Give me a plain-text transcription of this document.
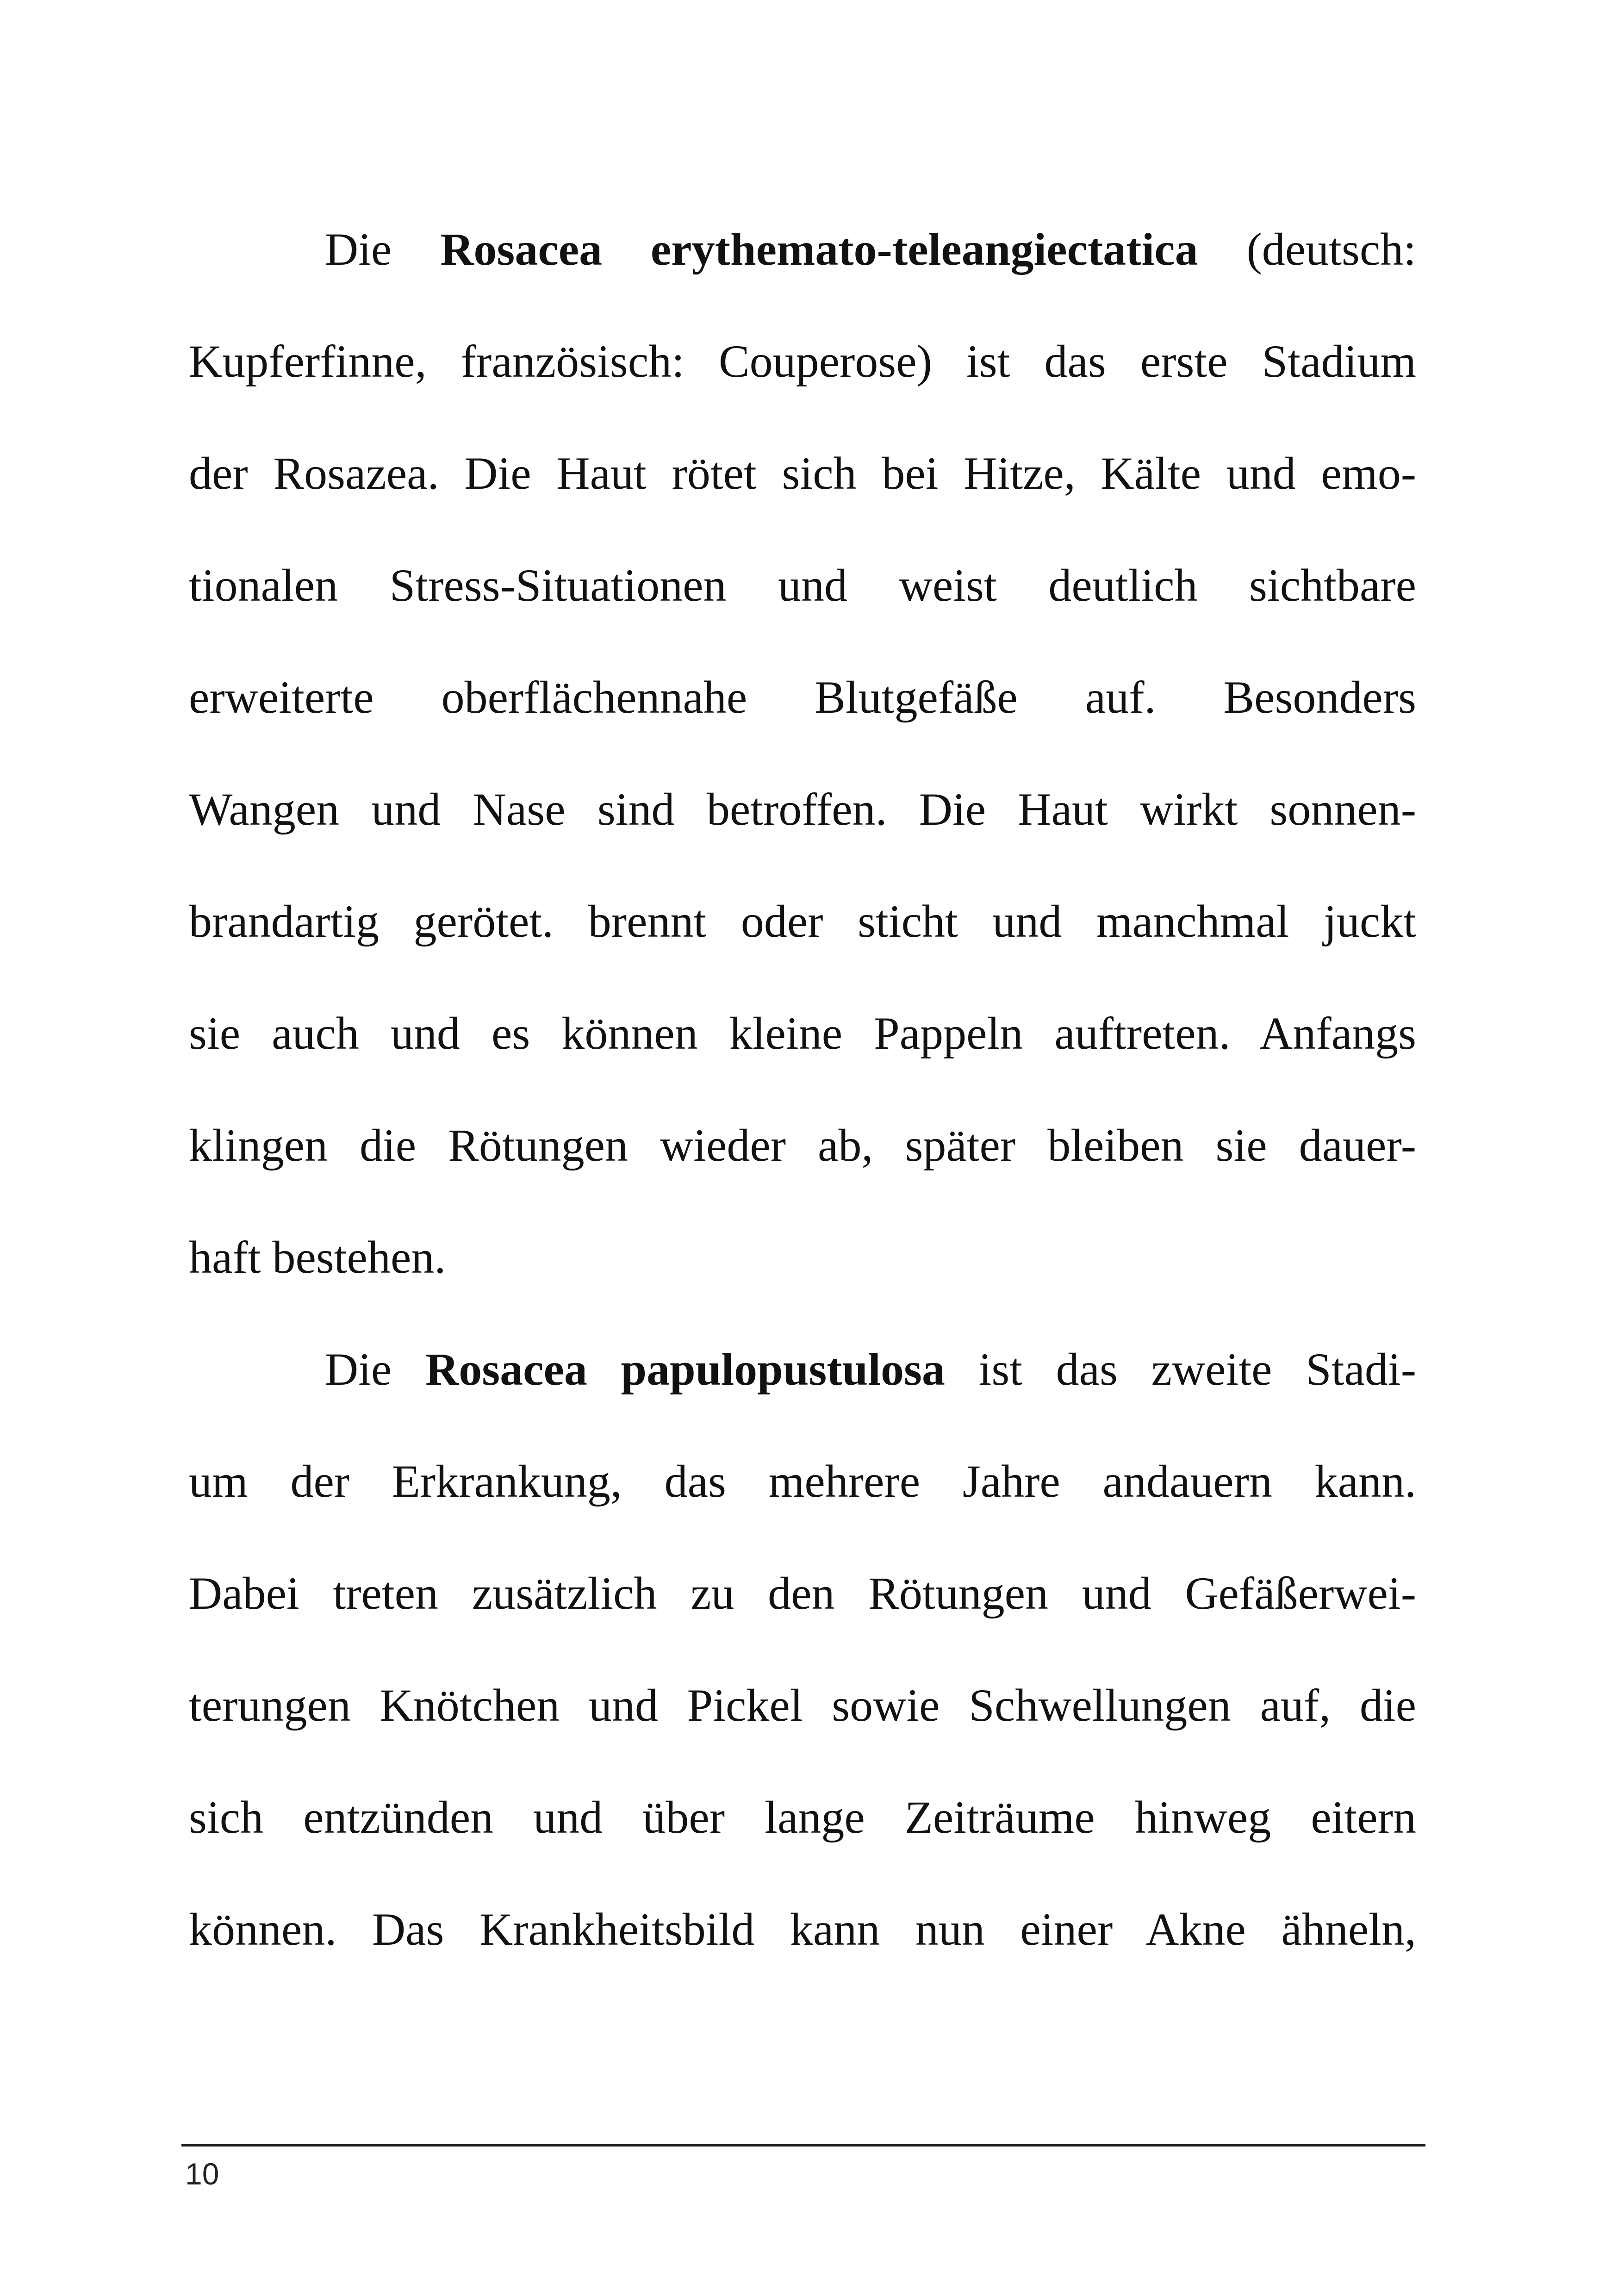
Die Rosacea erythemato-teleangiectatica (deutsch:
Kupferfinne, französisch: Couperose) ist das erste Stadium
der Rosazea. Die Haut rötet sich bei Hitze, Kälte und emo-
tionalen Stress-Situationen und weist deutlich sichtbare
erweiterte oberflächennahe Blutgefäße auf. Besonders
Wangen und Nase sind betroffen. Die Haut wirkt sonnen-
brandartig gerötet. brennt oder sticht und manchmal juckt
sie auch und es können kleine Pappeln auftreten. Anfangs
klingen die Rötungen wieder ab, später bleiben sie dauer-
haft bestehen.
Die Rosacea papulopustulosa ist das zweite Stadi-
um der Erkrankung, das mehrere Jahre andauern kann.
Dabei treten zusätzlich zu den Rötungen und Gefäßerwei-
terungen Knötchen und Pickel sowie Schwellungen auf, die
sich entzünden und über lange Zeiträume hinweg eitern
können. Das Krankheitsbild kann nun einer Akne ähneln,
10
